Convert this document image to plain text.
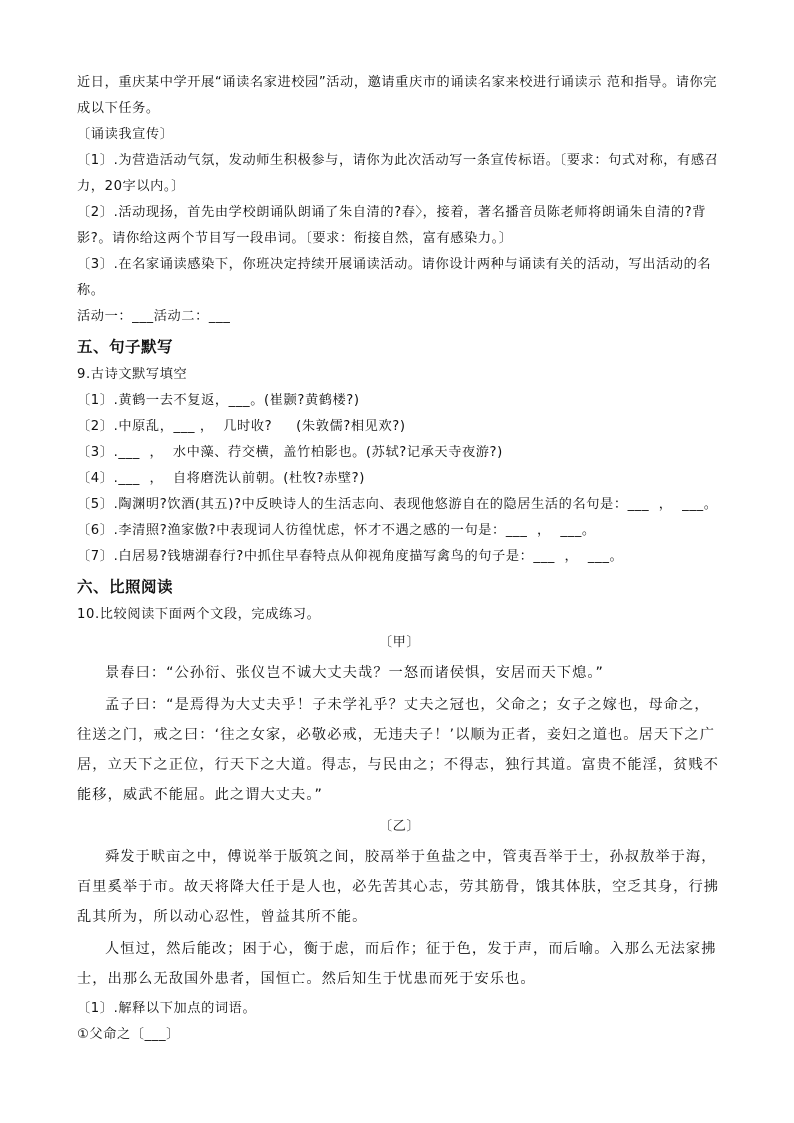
近日，重庆某中学开展“诵读名家进校园”活动，邀请重庆市的诵读名家来校进行诵读示 范和指导。请你完成以下任务。
〔诵读我宣传〕
〔1〕.为营造活动气氛，发动师生积极参与，请你为此次活动写一条宣传标语。〔要求：句式对称，有感召力，20字以内。〕
〔2〕.活动现扬，首先由学校朗诵队朗诵了朱自清的?春〉，接着，著名播音员陈老师将朗诵朱自清的?背影?。请你给这两个节目写一段串词。〔要求：衔接自然，富有感染力。〕
〔3〕.在名家诵读感染下，你班决定持续开展诵读活动。请你设计两种与诵读有关的活动，写出活动的名称。
活动一：___活动二：___
五、句子默写
9.古诗文默写填空
〔1〕.黄鹤一去不复返，___。(崔颢?黄鹤楼?)
〔2〕.中原乱，___ ，  几时收?     (朱敦儒?相见欢?)
〔3〕.___  ，  水中藻、荇交横，盖竹柏影也。(苏轼?记承天寺夜游?)
〔4〕.___  ，  自将磨洗认前朝。(杜牧?赤壁?)
〔5〕.陶渊明?饮酒(其五)?中反映诗人的生活志向、表现他悠游自在的隐居生活的名句是：___  ，  ___。
〔6〕.李清照?渔家傲?中表现词人彷徨忧虑，怀才不遇之感的一句是：___  ，  ___。
〔7〕.白居易?钱塘湖春行?中抓住早春特点从仰视角度描写禽鸟的句子是：___  ，  ___。
六、比照阅读
10.比较阅读下面两个文段，完成练习。
〔甲〕
景春曰：“公孙衍、张仪岂不诚大丈夫哉？一怒而诸侯惧，安居而天下熄。”
孟子曰：“是焉得为大丈夫乎！子未学礼乎？丈夫之冠也，父命之；女子之嫁也，母命之，往送之门，戒之曰：‘往之女家，必敬必戒，无违夫子！’以顺为正者，妾妇之道也。居天下之广居，立天下之正位，行天下之大道。得志，与民由之；不得志，独行其道。富贵不能淫，贫贱不能移，威武不能屈。此之谓大丈夫。”
〔乙〕
舜发于畎亩之中，傅说举于版筑之间，胶鬲举于鱼盐之中，管夷吾举于士，孙叔敖举于海，百里奚举于市。故天将降大任于是人也，必先苦其心志，劳其筋骨，饿其体肤，空乏其身，行拂乱其所为，所以动心忍性，曾益其所不能。
人恒过，然后能改；困于心，衡于虑，而后作；征于色，发于声，而后喻。入那么无法家拂士，出那么无敌国外患者，国恒亡。然后知生于忧患而死于安乐也。
〔1〕.解释以下加点的词语。
①父命之〔___〕
